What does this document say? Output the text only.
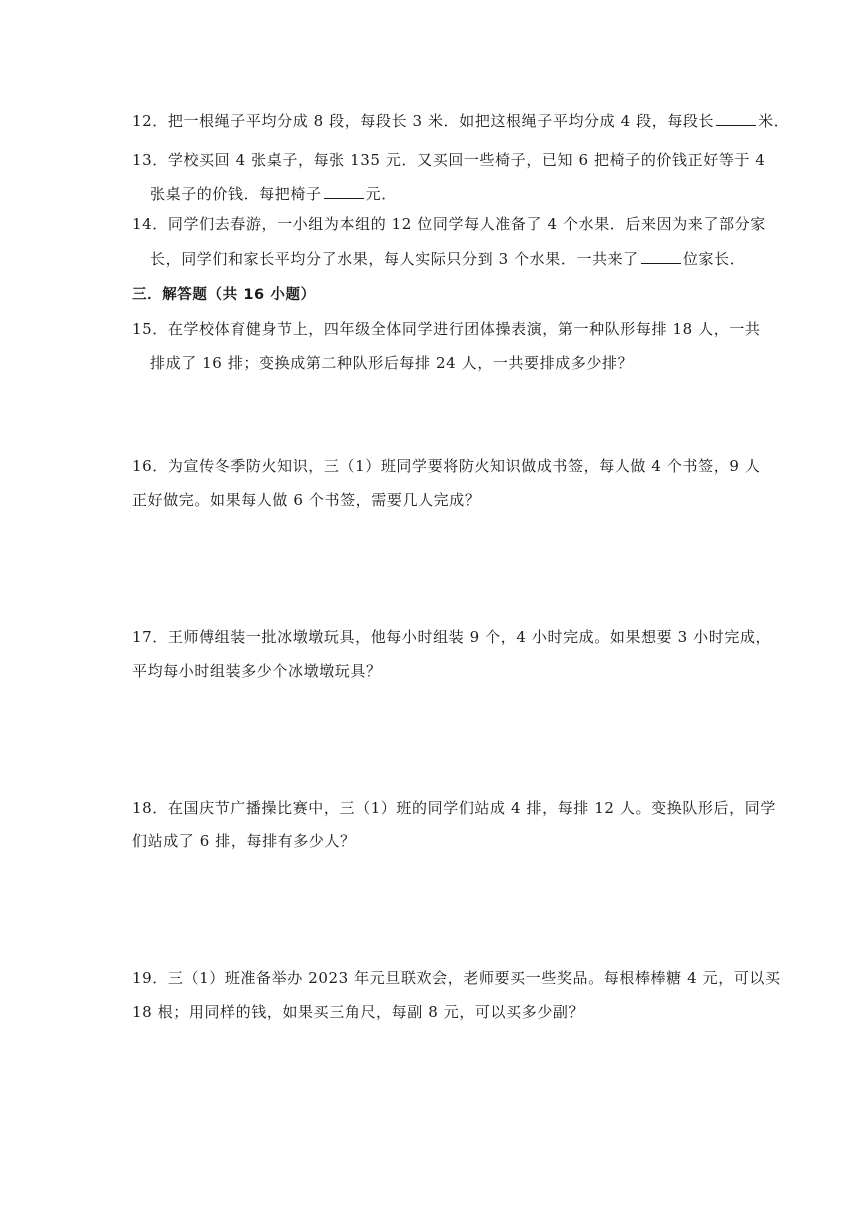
12．把一根绳子平均分成 8 段，每段长 3 米．如把这根绳子平均分成 4 段，每段长	米．
13．学校买回 4 张桌子，每张 135 元．又买回一些椅子，已知 6 把椅子的价钱正好等于 4
张桌子的价钱．每把椅子	元．
14．同学们去春游，一小组为本组的 12 位同学每人准备了 4 个水果．后来因为来了部分家
长，同学们和家长平均分了水果，每人实际只分到 3 个水果．一共来了	位家长．
三．解答题（共 16 小题）
15．在学校体育健身节上，四年级全体同学进行团体操表演，第一种队形每排 18 人，一共
排成了 16 排；变换成第二种队形后每排 24 人，一共要排成多少排？
16．为宣传冬季防火知识，三（1）班同学要将防火知识做成书签，每人做 4 个书签，9 人
正好做完。如果每人做 6 个书签，需要几人完成？
17．王师傅组装一批冰墩墩玩具，他每小时组装 9 个，4 小时完成。如果想要 3 小时完成，
平均每小时组装多少个冰墩墩玩具？
18．在国庆节广播操比赛中，三（1）班的同学们站成 4 排，每排 12 人。变换队形后，同学
们站成了 6 排，每排有多少人？
19．三（1）班准备举办 2023 年元旦联欢会，老师要买一些奖品。每根棒棒糖 4 元，可以买
18 根；用同样的钱，如果买三角尺，每副 8 元，可以买多少副？
